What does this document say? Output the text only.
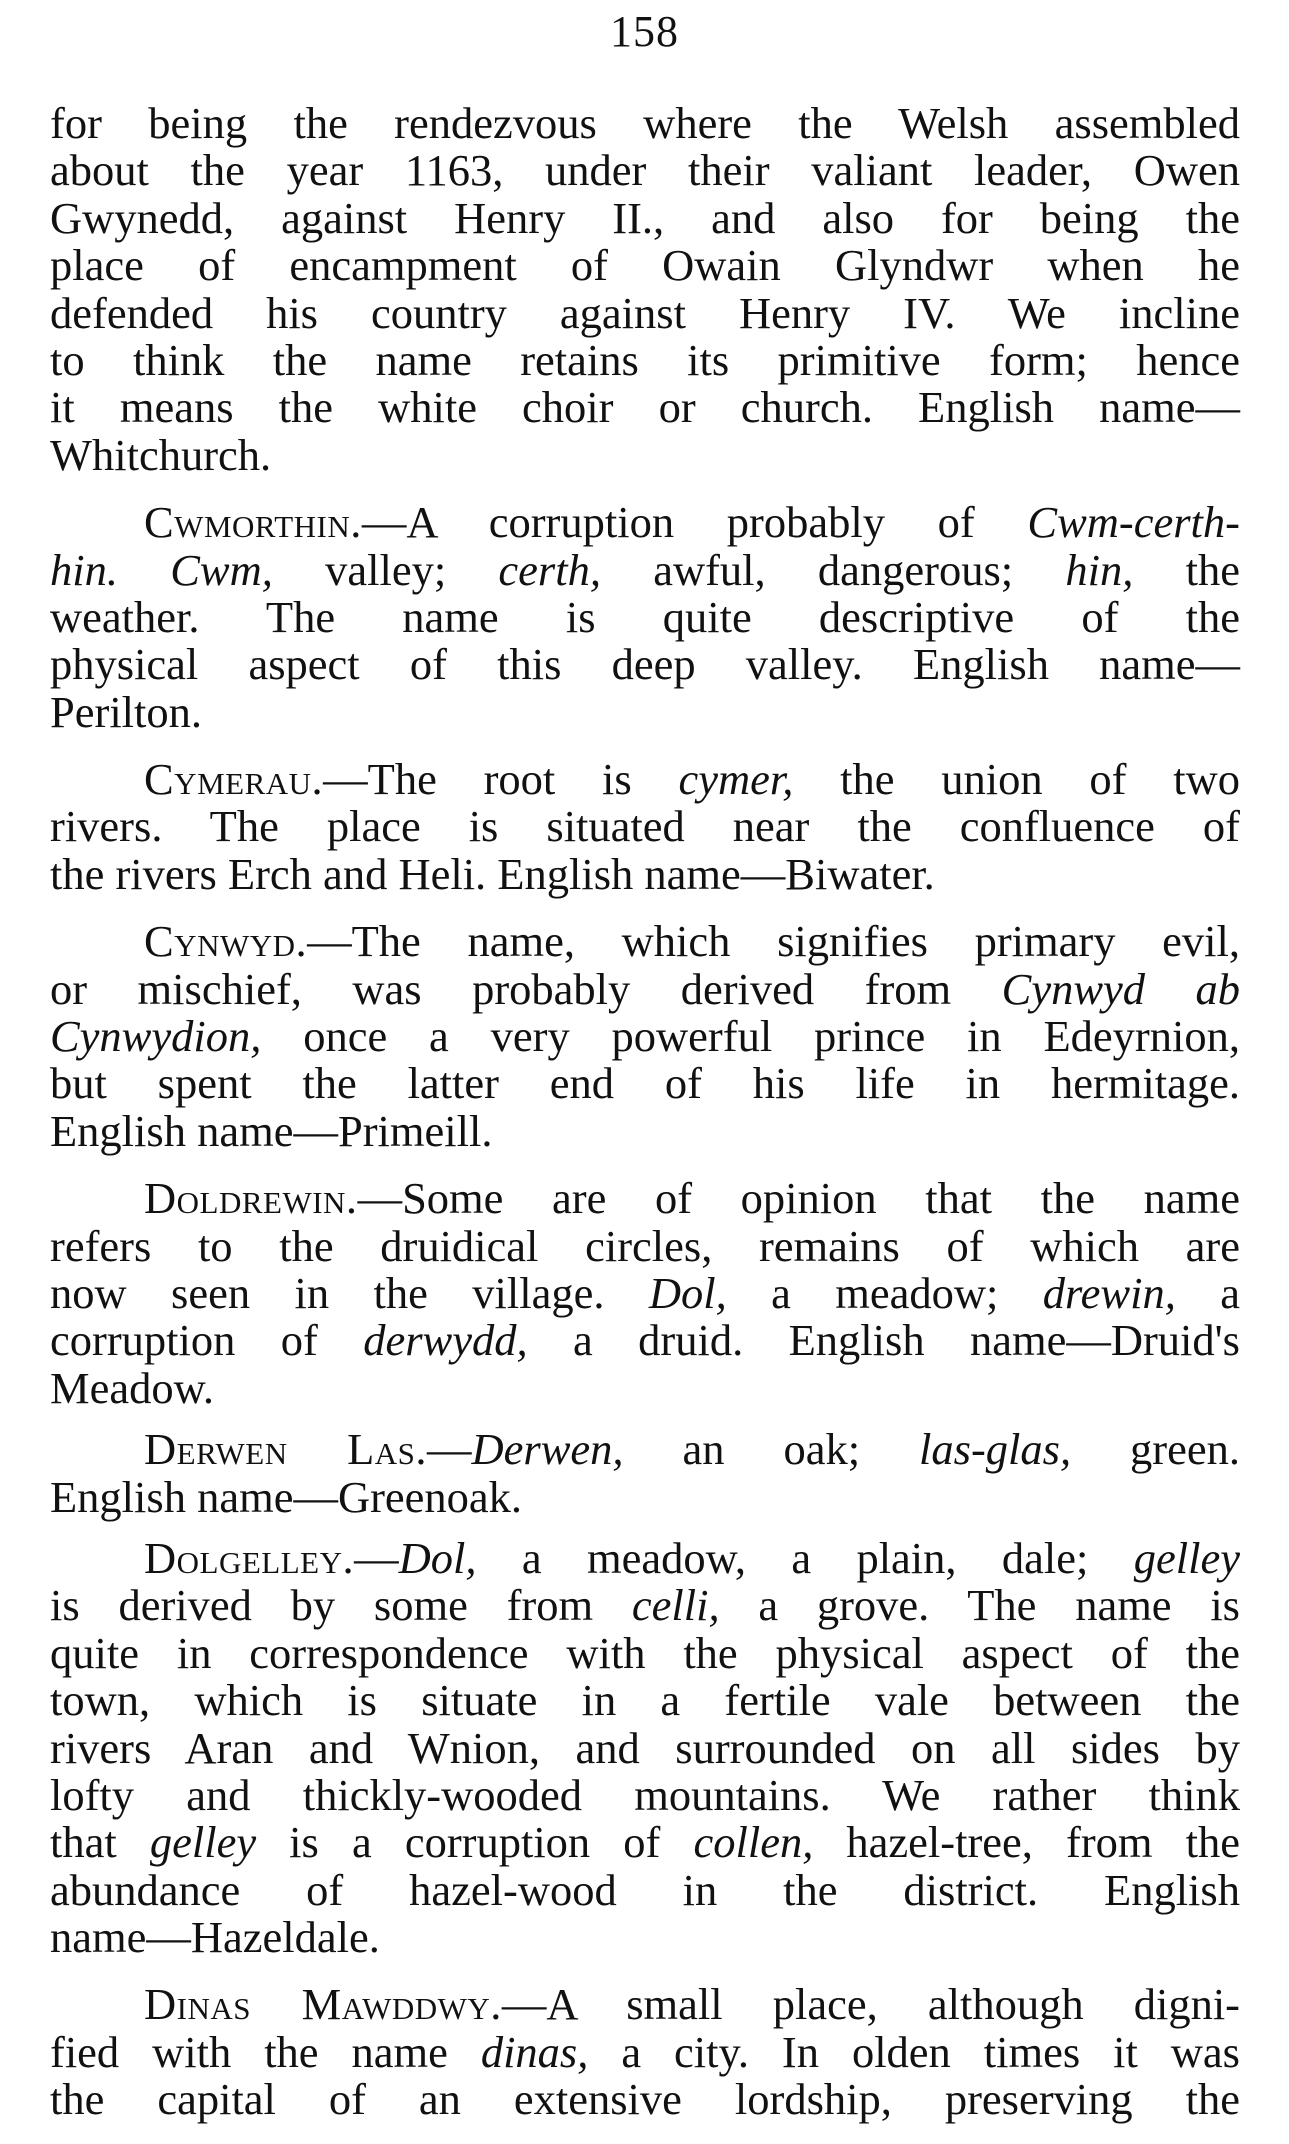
158
for being the rendezvous where the Welsh assembled
about the year 1163, under their valiant leader, Owen
Gwynedd, against Henry II., and also for being the
place of encampment of Owain Glyndwr when he
defended his country against Henry IV. We incline
to think the name retains its primitive form; hence
it means the white choir or church. English name—
Whitchurch.
Cwmorthin.—A corruption probably of Cwm-certh-
hin. Cwm, valley; certh, awful, dangerous; hin, the
weather. The name is quite descriptive of the
physical aspect of this deep valley. English name—
Perilton.
Cymerau.—The root is cymer, the union of two
rivers. The place is situated near the confluence of
the rivers Erch and Heli. English name—Biwater.
Cynwyd.—The name, which signifies primary evil,
or mischief, was probably derived from Cynwyd ab
Cynwydion, once a very powerful prince in Edeyrnion,
but spent the latter end of his life in hermitage.
English name—Primeill.
Doldrewin.—Some are of opinion that the name
refers to the druidical circles, remains of which are
now seen in the village. Dol, a meadow; drewin, a
corruption of derwydd, a druid. English name—Druid's
Meadow.
Derwen Las.—Derwen, an oak; las-glas, green.
English name—Greenoak.
Dolgelley.—Dol, a meadow, a plain, dale; gelley
is derived by some from celli, a grove. The name is
quite in correspondence with the physical aspect of the
town, which is situate in a fertile vale between the
rivers Aran and Wnion, and surrounded on all sides by
lofty and thickly-wooded mountains. We rather think
that gelley is a corruption of collen, hazel-tree, from the
abundance of hazel-wood in the district. English
name—Hazeldale.
Dinas Mawddwy.—A small place, although digni-
fied with the name dinas, a city. In olden times it was
the capital of an extensive lordship, preserving the
